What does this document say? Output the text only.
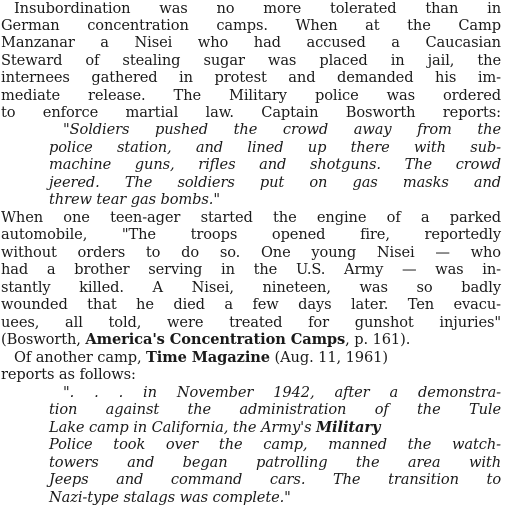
Insubordination was no more tolerated than in
German concentration camps. When at the Camp
Manzanar a Nisei who had accused a Caucasian
Steward of stealing sugar was placed in jail, the
internees gathered in protest and demanded his im-
mediate release. The Military police was ordered
to enforce martial law. Captain Bosworth reports:
"Soldiers pushed the crowd away from the
police station, and lined up there with sub-
machine guns, rifles and shotguns. The crowd
jeered. The soldiers put on gas masks and
threw tear gas bombs."
When one teen-ager started the engine of a parked
automobile, "The troops opened fire, reportedly
without orders to do so. One young Nisei — who
had a brother serving in the U.S. Army — was in-
stantly killed. A Nisei, nineteen, was so badly
wounded that he died a few days later. Ten evacu-
uees, all told, were treated for gunshot injuries"
(Bosworth, America's Concentration Camps, p. 161).
Of another camp, Time Magazine (Aug. 11, 1961)
reports as follows:
". . . in November 1942, after a demonstra-
tion against the administration of the Tule
Lake camp in California, the Army's Military
Police took over the camp, manned the watch-
towers and began patrolling the area with
Jeeps and command cars. The transition to
Nazi-type stalags was complete."
